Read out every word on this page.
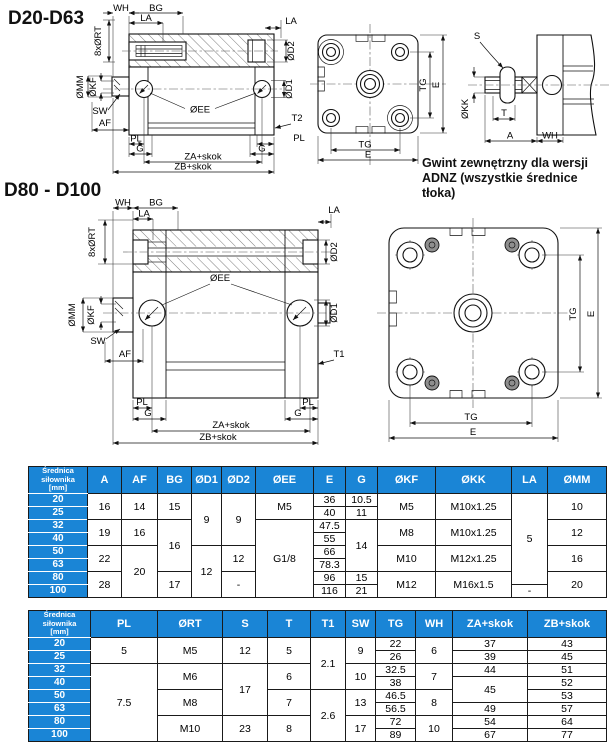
D20-D63
D80 - D100
ØEE
WH BG
LA	LA
8xØRT
ØMM ØKF
SW
AF
ØD2
ØD1
T2
PL
PL
G	G
ZA+skok
ZB+skok
TG E
TG
E
S
ØKK	T
A	WH
Gwint zewnętrzny dla wersji
ADNZ (wszystkie średnice tłoka)
ØEE
WH BG
LA	LA
8xØRT
ØMM ØKF
SW
AF
ØD2
ØD1
T1
PL	PL
G	G
ZA+skok
ZB+skok
TG E
TG
E
Średnica
siłownika
[mm]	A	AF	BG	ØD1	ØD2	ØEE	E	G	ØKF	ØKK	LA	ØMM
20	16	14	15	9	9	M5	36	10.5	M5	M10x1.25	5	10
25							40	11				
32	19	16	16			G1/8	47.5	14	M8	M10x1.25		12
40							55					
50	22	20		12	12		66		M10	M12x1.25		16
63							78.3					
80	28		17		-		96	15	M12	M16x1.5		20
100							116	21			-	
Średnica
siłownika
[mm]	PL	ØRT	S	T	T1	SW	TG	WH	ZA+skok	ZB+skok
20	5	M5	12	5	2.1	9	22	6	37	43
25							26		39	45
32	7.5	M6	17	6		10	32.5	7	44	51
40							38		45	52
50		M8		7	2.6	13	46.5	8		53
63							56.5		49	57
80		M10	23	8		17	72	10	54	64
100							89		67	77
